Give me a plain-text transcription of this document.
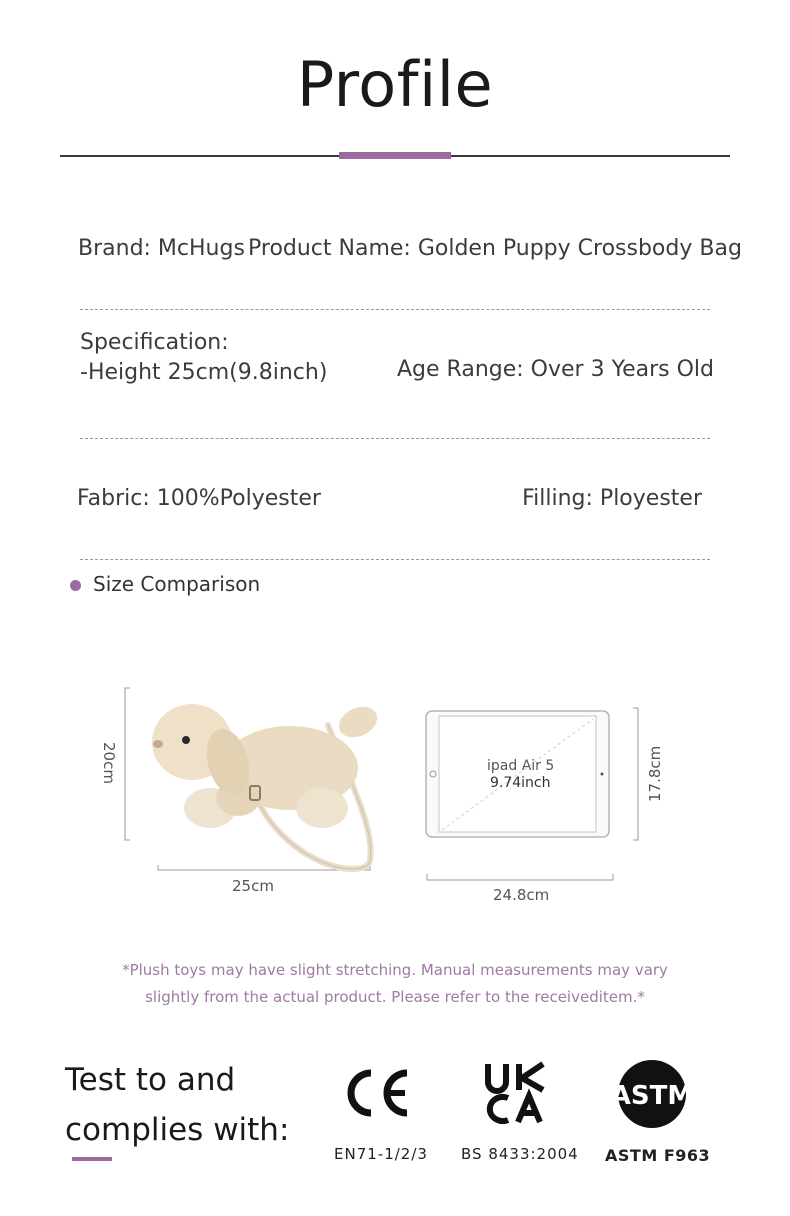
Profile
Brand: McHugs Product Name: Golden Puppy Crossbody Bag
Specification:
-Height 25cm(9.8inch)	Age Range: Over 3 Years Old
Fabric: 100%Polyester	Filling: Ployester
Size Comparison
20cm
25cm
ipad Air 5
9.74inch	17.8cm
24.8cm
*Plush toys may have slight stretching. Manual measurements may vary
slightly from the actual product. Please refer to the receiveditem.*
Test to and
complies with:
EN71-1/2/3 BS 8433:2004
ASTM
ASTM F963
